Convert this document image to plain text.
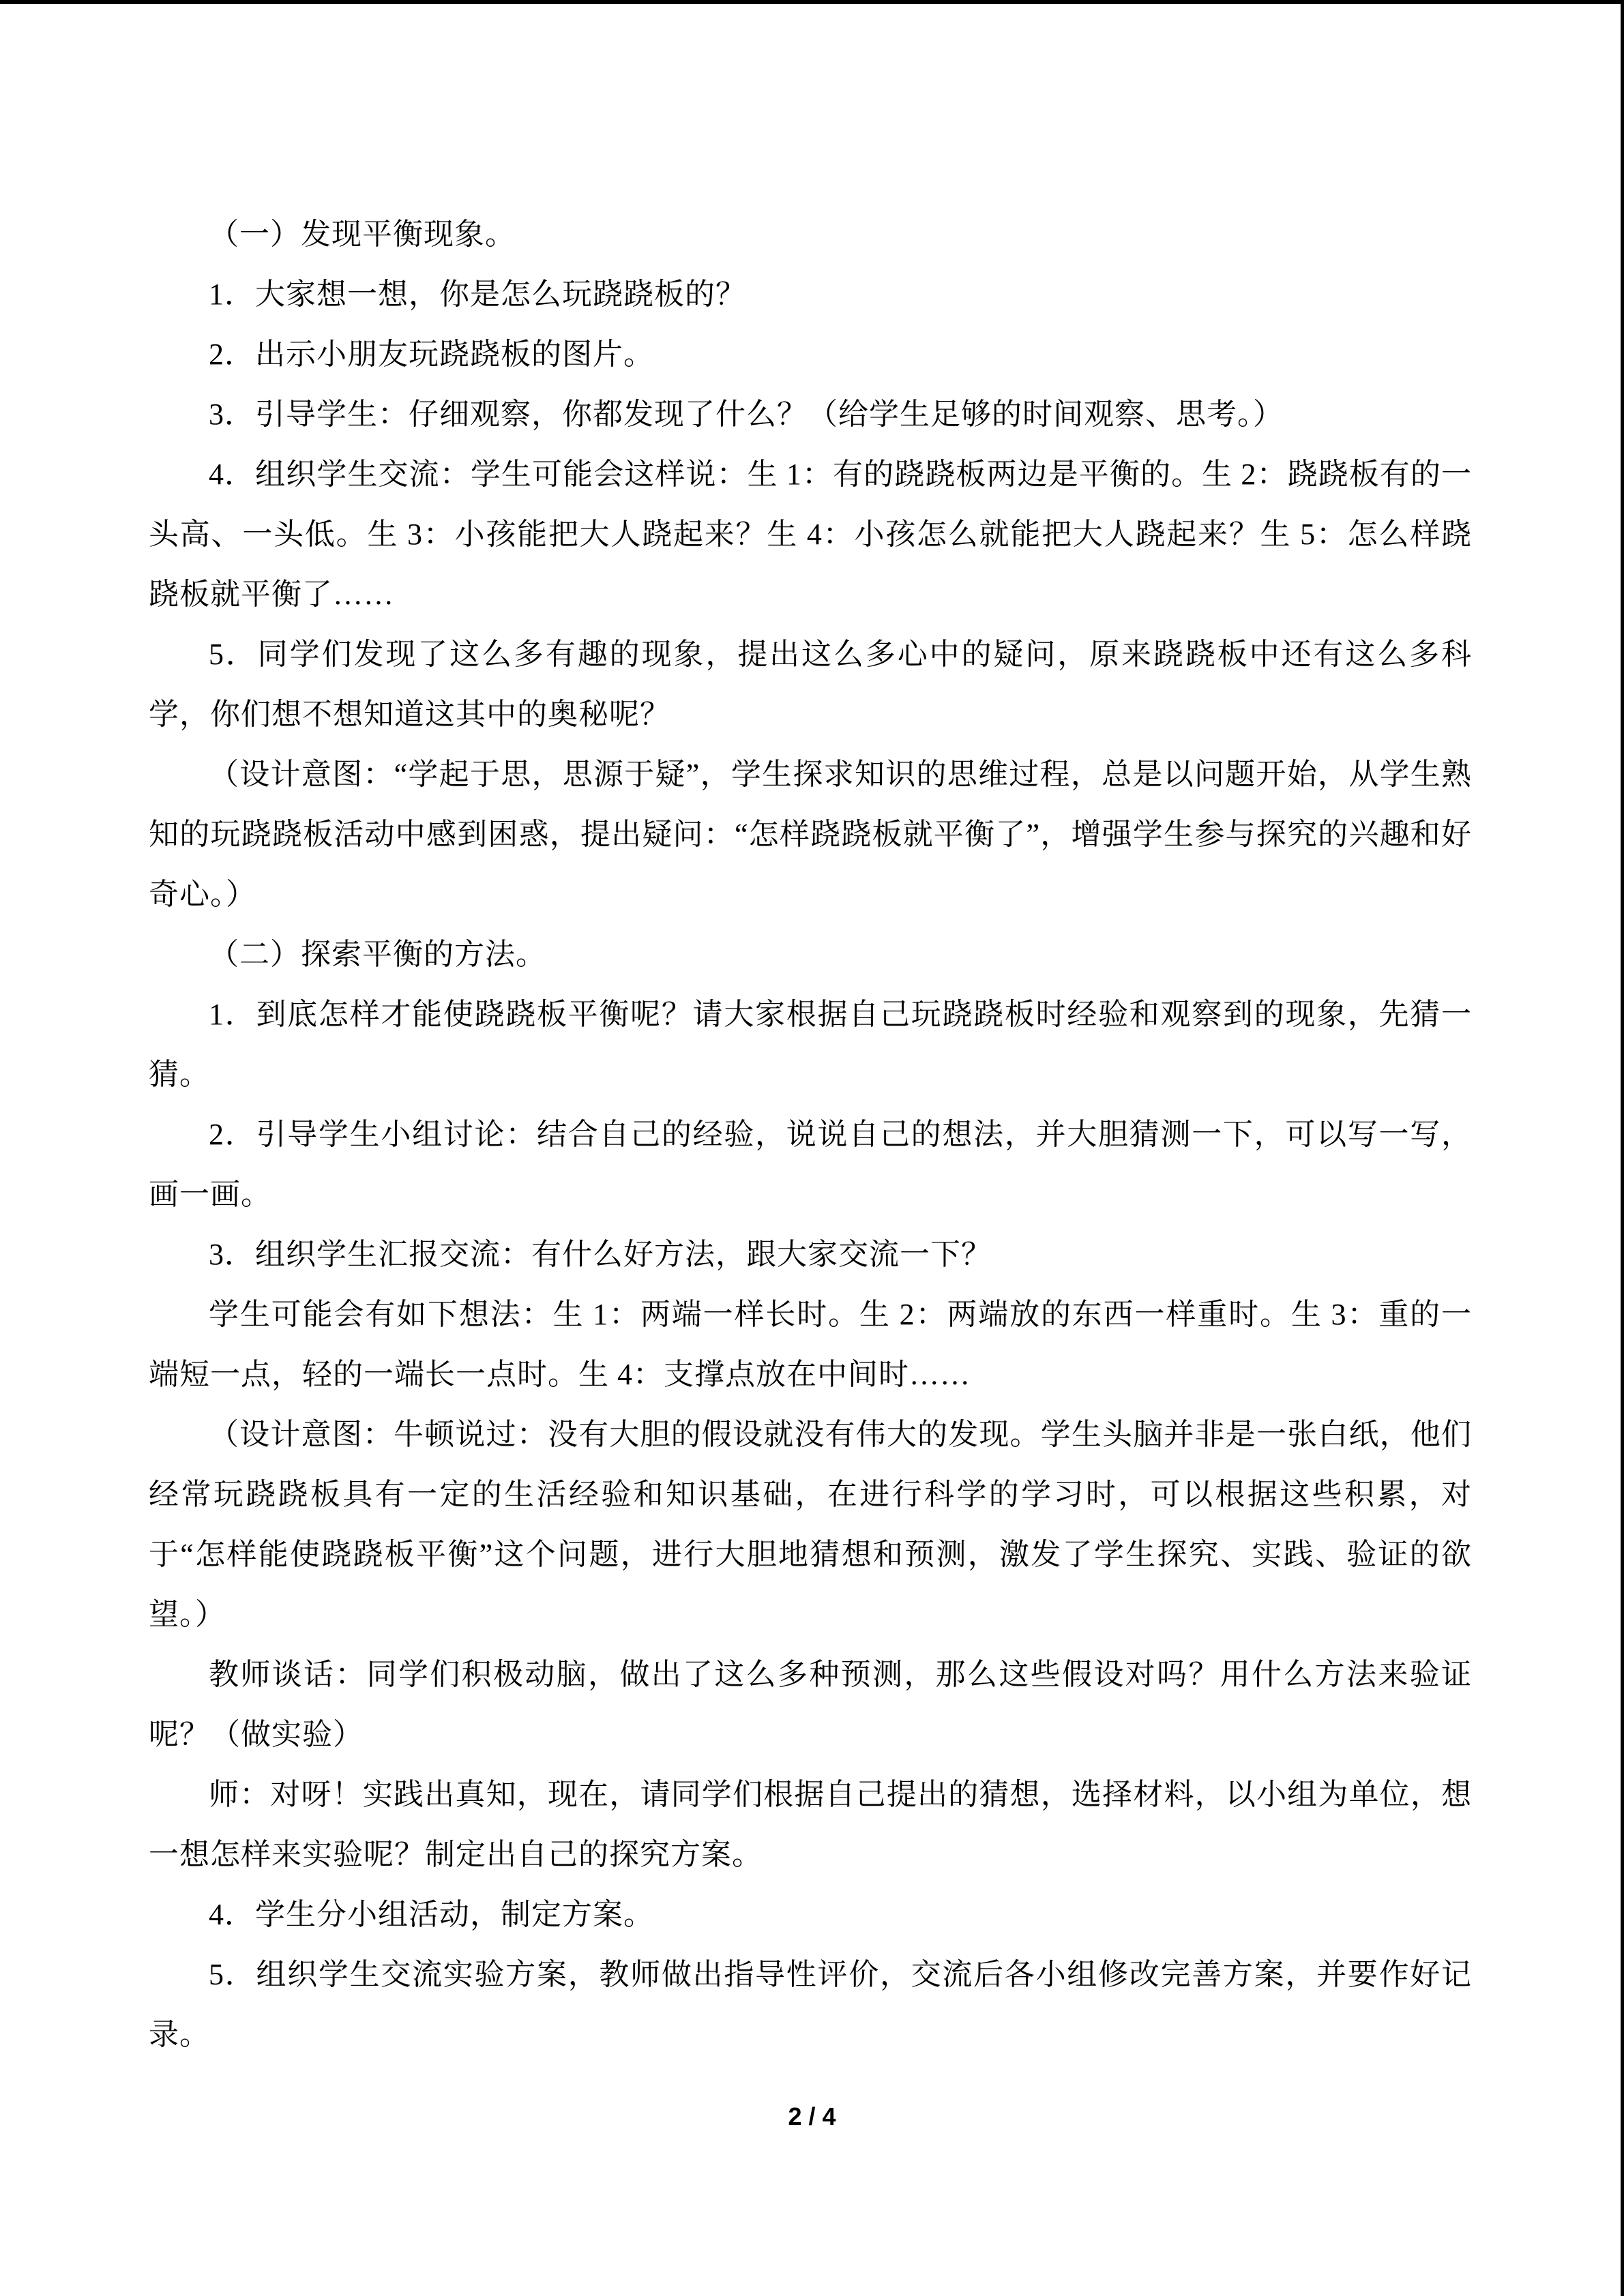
（一）发现平衡现象。

1．大家想一想，你是怎么玩跷跷板的？

2．出示小朋友玩跷跷板的图片。

3．引导学生：仔细观察，你都发现了什么？（给学生足够的时间观察、思考。）

4．组织学生交流：学生可能会这样说：生 1：有的跷跷板两边是平衡的。生 2：跷跷板有的一头高、一头低。生 3：小孩能把大人跷起来？生 4：小孩怎么就能把大人跷起来？生 5：怎么样跷跷板就平衡了……

5．同学们发现了这么多有趣的现象，提出这么多心中的疑问，原来跷跷板中还有这么多科学，你们想不想知道这其中的奥秘呢？

（设计意图：“学起于思，思源于疑”，学生探求知识的思维过程，总是以问题开始，从学生熟知的玩跷跷板活动中感到困惑，提出疑问：“怎样跷跷板就平衡了”，增强学生参与探究的兴趣和好奇心。）

（二）探索平衡的方法。

1．到底怎样才能使跷跷板平衡呢？请大家根据自己玩跷跷板时经验和观察到的现象，先猜一猜。

2．引导学生小组讨论：结合自己的经验，说说自己的想法，并大胆猜测一下，可以写一写，画一画。

3．组织学生汇报交流：有什么好方法，跟大家交流一下？

学生可能会有如下想法：生 1：两端一样长时。生 2：两端放的东西一样重时。生 3：重的一端短一点，轻的一端长一点时。生 4：支撑点放在中间时……

（设计意图：牛顿说过：没有大胆的假设就没有伟大的发现。学生头脑并非是一张白纸，他们经常玩跷跷板具有一定的生活经验和知识基础，在进行科学的学习时，可以根据这些积累，对于“怎样能使跷跷板平衡”这个问题，进行大胆地猜想和预测，激发了学生探究、实践、验证的欲望。）

教师谈话：同学们积极动脑，做出了这么多种预测，那么这些假设对吗？用什么方法来验证呢？（做实验）

师：对呀！实践出真知，现在，请同学们根据自己提出的猜想，选择材料，以小组为单位，想一想怎样来实验呢？制定出自己的探究方案。

4．学生分小组活动，制定方案。

5．组织学生交流实验方案，教师做出指导性评价，交流后各小组修改完善方案，并要作好记录。

2 / 4
